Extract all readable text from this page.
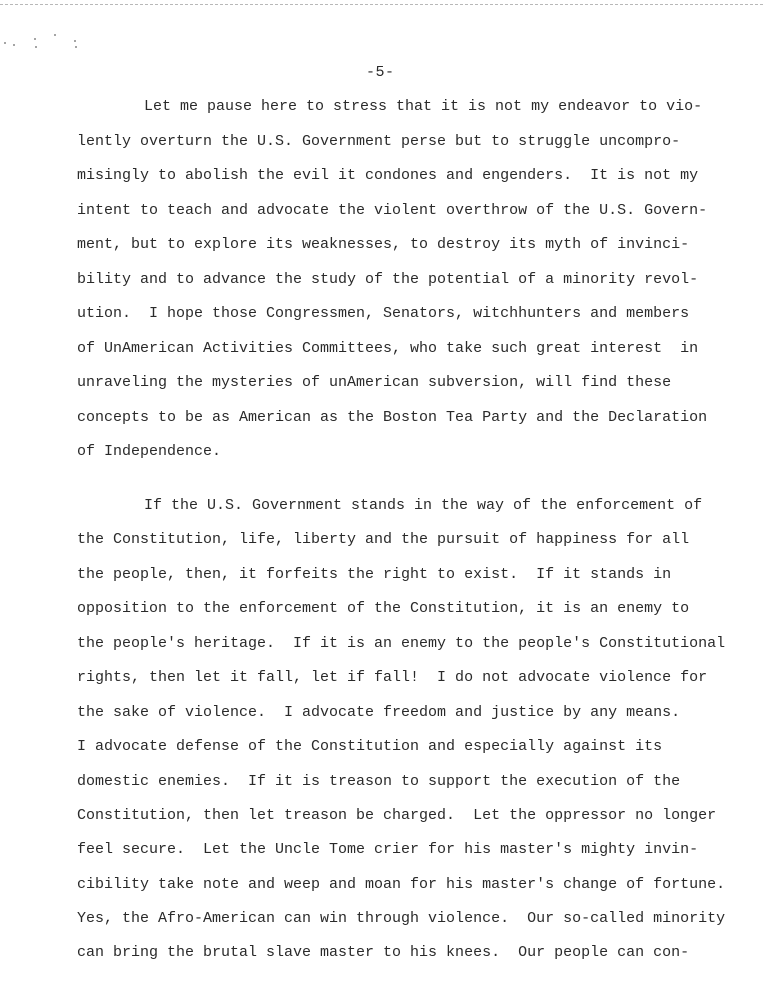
-5-
Let me pause here to stress that it is not my endeavor to vio-
lently overturn the U.S. Government perse but to struggle uncompro-
misingly to abolish the evil it condones and engenders.  It is not my
intent to teach and advocate the violent overthrow of the U.S. Govern-
ment, but to explore its weaknesses, to destroy its myth of invinci-
bility and to advance the study of the potential of a minority revol-
ution.  I hope those Congressmen, Senators, witchhunters and members
of UnAmerican Activities Committees, who take such great interest  in
unraveling the mysteries of unAmerican subversion, will find these
concepts to be as American as the Boston Tea Party and the Declaration
of Independence.
If the U.S. Government stands in the way of the enforcement of
the Constitution, life, liberty and the pursuit of happiness for all
the people, then, it forfeits the right to exist.  If it stands in
opposition to the enforcement of the Constitution, it is an enemy to
the people's heritage.  If it is an enemy to the people's Constitutional
rights, then let it fall, let if fall!  I do not advocate violence for
the sake of violence.  I advocate freedom and justice by any means.
I advocate defense of the Constitution and especially against its
domestic enemies.  If it is treason to support the execution of the
Constitution, then let treason be charged.  Let the oppressor no longer
feel secure.  Let the Uncle Tome crier for his master's mighty invin-
cibility take note and weep and moan for his master's change of fortune.
Yes, the Afro-American can win through violence.  Our so-called minority
can bring the brutal slave master to his knees.  Our people can con-
